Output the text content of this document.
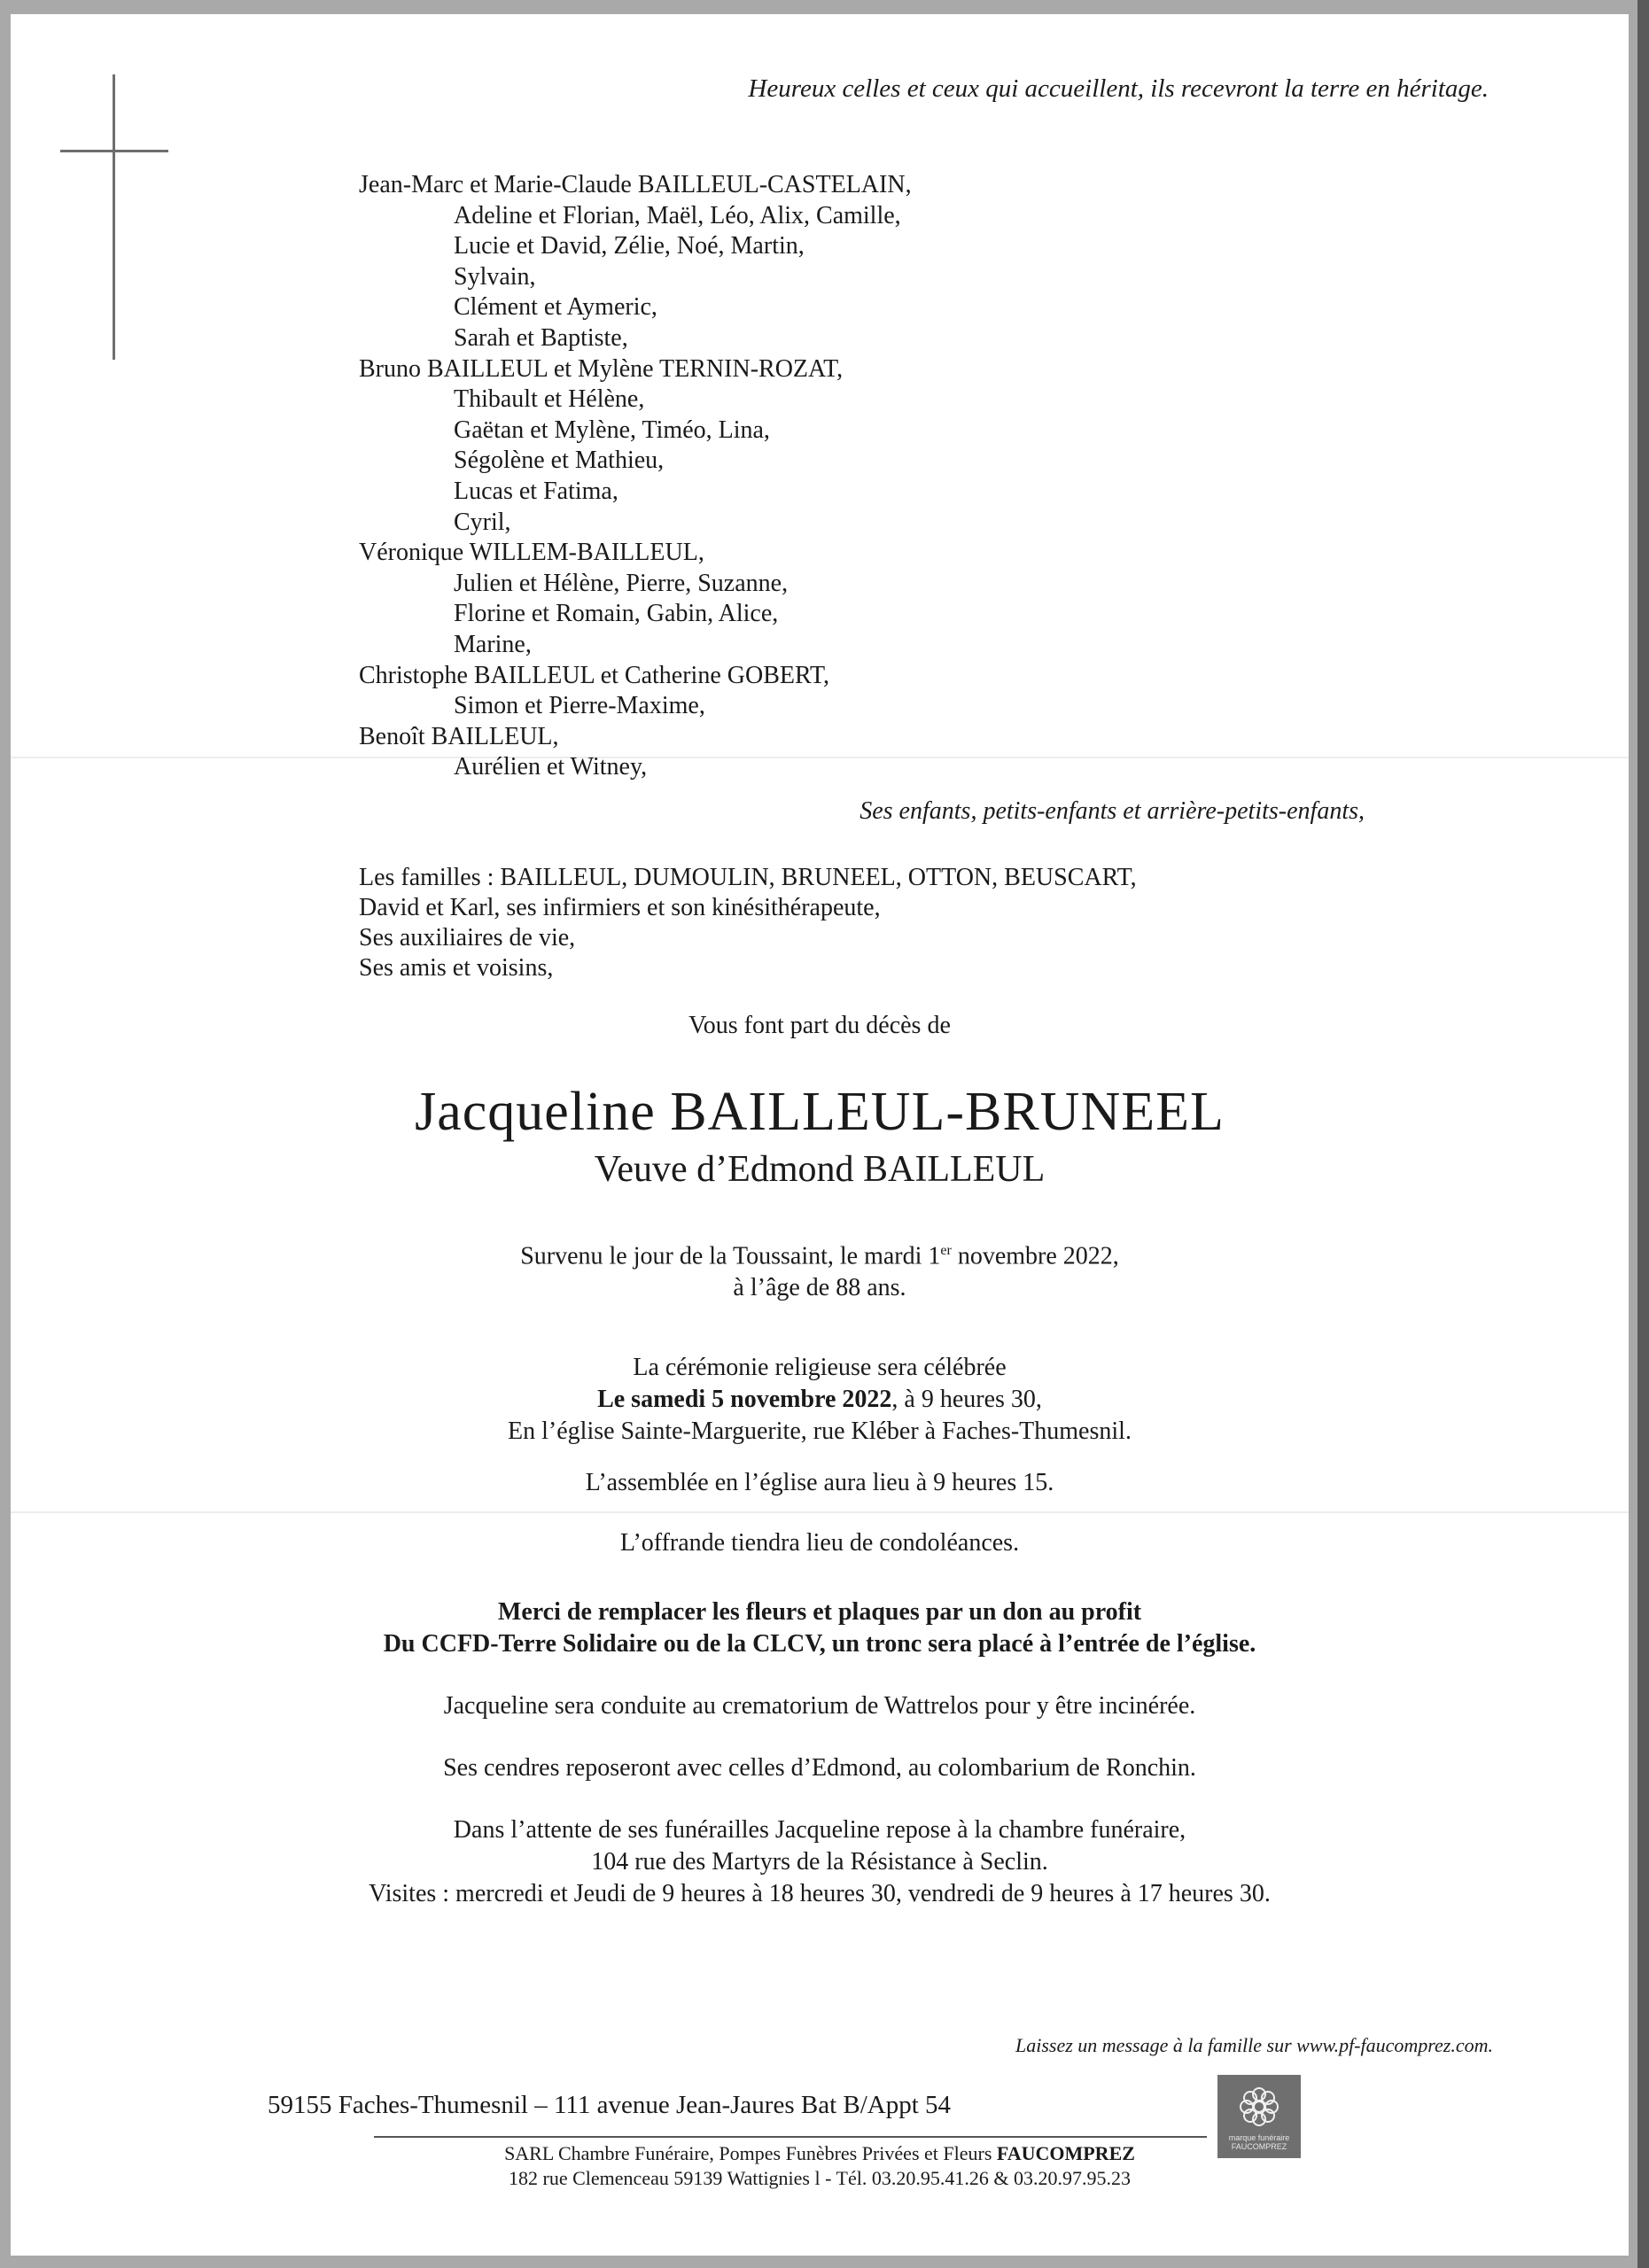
Heureux celles et ceux qui accueillent, ils recevront la terre en héritage.
Jean-Marc et Marie-Claude BAILLEUL-CASTELAIN,
Adeline et Florian, Maël, Léo, Alix, Camille,
Lucie et David, Zélie, Noé, Martin,
Sylvain,
Clément et Aymeric,
Sarah et Baptiste,
Bruno BAILLEUL et Mylène TERNIN-ROZAT,
Thibault et Hélène,
Gaëtan et Mylène, Timéo, Lina,
Ségolène et Mathieu,
Lucas et Fatima,
Cyril,
Véronique WILLEM-BAILLEUL,
Julien et Hélène, Pierre, Suzanne,
Florine et Romain, Gabin, Alice,
Marine,
Christophe BAILLEUL et Catherine GOBERT,
Simon et Pierre-Maxime,
Benoît BAILLEUL,
Aurélien et Witney,
Ses enfants, petits-enfants et arrière-petits-enfants,
Les familles : BAILLEUL, DUMOULIN, BRUNEEL, OTTON, BEUSCART,
David et Karl, ses infirmiers et son kinésithérapeute,
Ses auxiliaires de vie,
Ses amis et voisins,
Vous font part du décès de
Jacqueline BAILLEUL-BRUNEEL
Veuve d’Edmond BAILLEUL
Survenu le jour de la Toussaint, le mardi 1er novembre 2022,
à l’âge de 88 ans.
La cérémonie religieuse sera célébrée
Le samedi 5 novembre 2022, à 9 heures 30,
En l’église Sainte-Marguerite, rue Kléber à Faches-Thumesnil.
L’assemblée en l’église aura lieu à 9 heures 15.
L’offrande tiendra lieu de condoléances.
Merci de remplacer les fleurs et plaques par un don au profit
Du CCFD-Terre Solidaire ou de la CLCV, un tronc sera placé à l’entrée de l’église.
Jacqueline sera conduite au crematorium de Wattrelos pour y être incinérée.
Ses cendres reposeront avec celles d’Edmond, au colombarium de Ronchin.
Dans l’attente de ses funérailles Jacqueline repose à la chambre funéraire,
104 rue des Martyrs de la Résistance à Seclin.
Visites : mercredi et Jeudi de 9 heures à 18 heures 30, vendredi de 9 heures à 17 heures 30.
Laissez un message à la famille sur www.pf-faucomprez.com.
59155 Faches-Thumesnil – 111 avenue Jean-Jaures Bat B/Appt 54
SARL Chambre Funéraire, Pompes Funèbres Privées et Fleurs FAUCOMPREZ
182 rue Clemenceau 59139 Wattignies l - Tél. 03.20.95.41.26 & 03.20.97.95.23
marque funéraire
FAUCOMPREZ
